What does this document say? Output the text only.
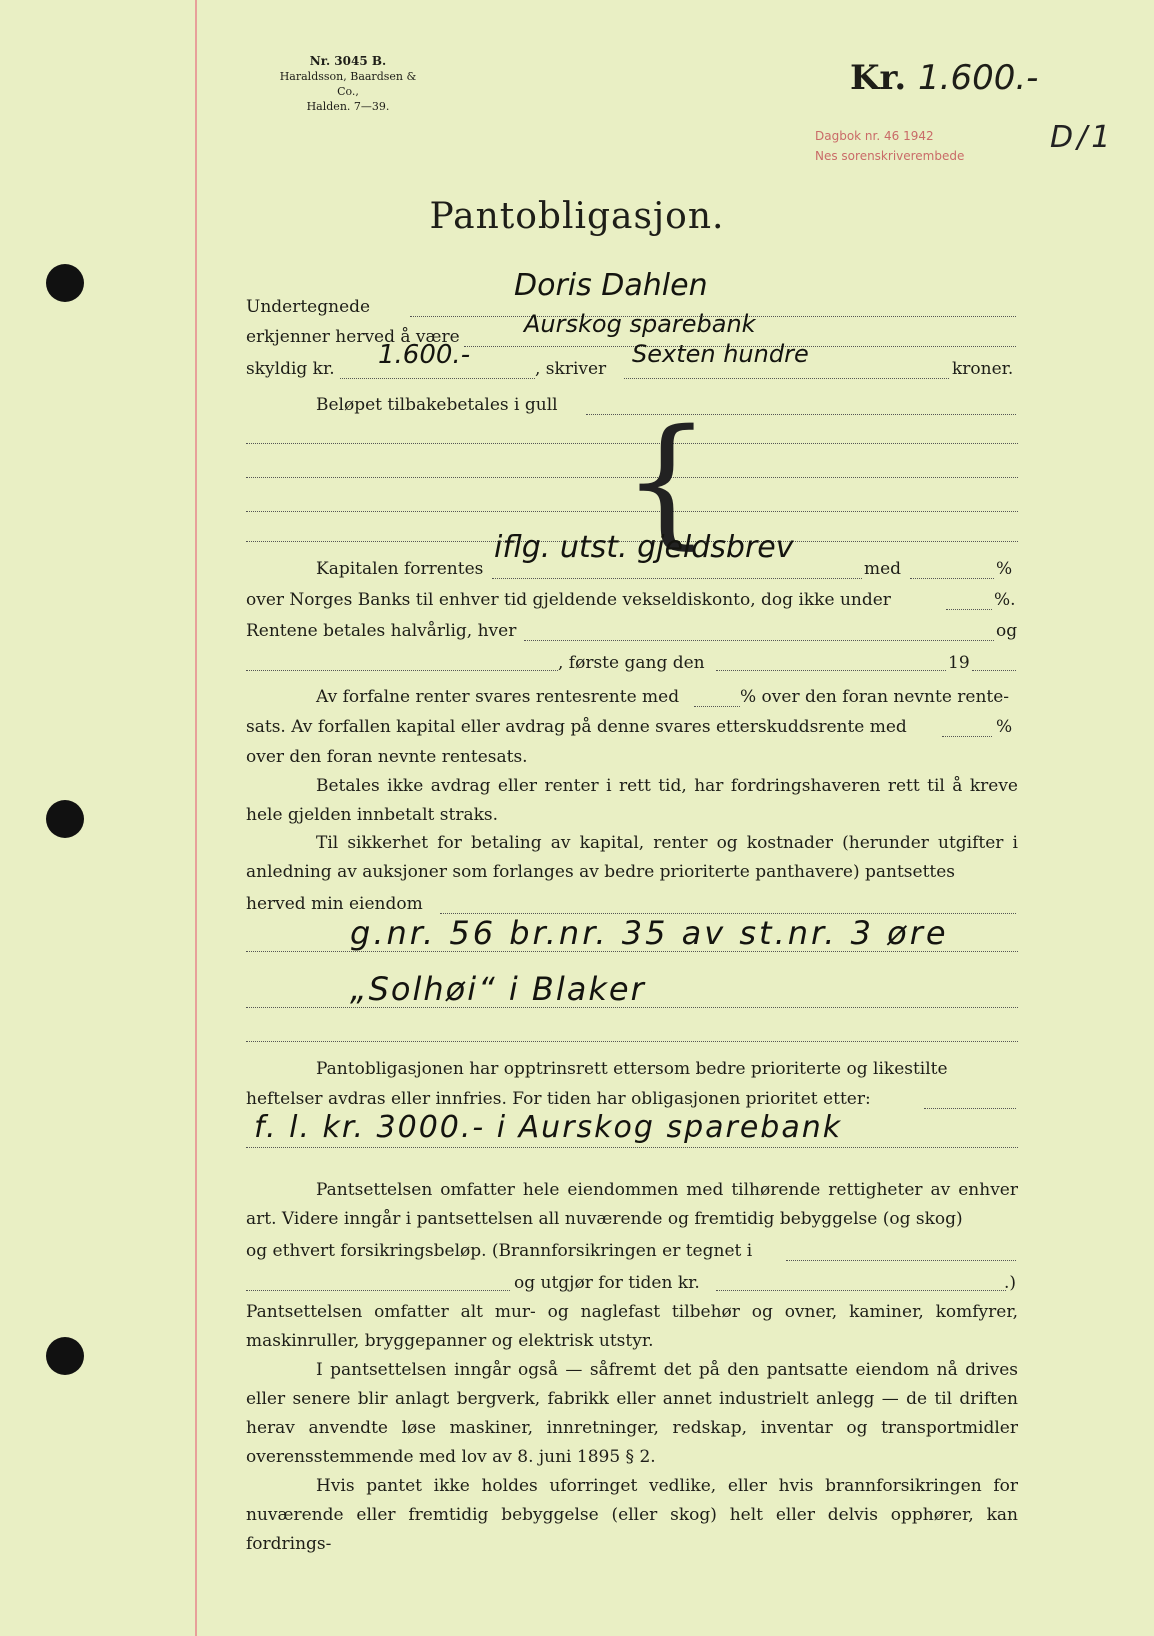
Nr. 3045 B.
Haraldsson, Baardsen & Co.,
Halden. 7—39.
Kr. 1.600.-
Dagbok nr. 46 1942
Nes sorenskriverembede
D/1
Pantobligasjon.
Undertegnede
Doris Dahlen
erkjenner herved å være	Aurskog sparebank
skyldig kr.	1.600.-	, skriver
Sexten hundre
kroner.
Beløpet tilbakebetales i gull {
Kapitalen forrentes
iflg. utst. gjeldsbrev
med	%
over Norges Banks til enhver tid gjeldende vekseldiskonto, dog ikke under	%.
Rentene betales halvårlig, hver	og
, første gang den	19
Av forfalne renter svares rentesrente med	% over den foran nevnte rente-
sats. Av forfallen kapital eller avdrag på denne svares etterskuddsrente med	%
over den foran nevnte rentesats.
Betales ikke avdrag eller renter i rett tid, har fordringshaveren rett til å kreve hele gjelden innbetalt straks.
Til sikkerhet for betaling av kapital, renter og kostnader (herunder utgifter i anledning av auksjoner som forlanges av bedre prioriterte panthavere) pantsettes
herved min eiendom
g.nr. 56 br.nr. 35 av st.nr. 3 øre
„Solhøi“ i Blaker
Pantobligasjonen har opptrinsrett ettersom bedre prioriterte og likestilte
heftelser avdras eller innfries. For tiden har obligasjonen prioritet etter:
f. l. kr. 3000.- i Aurskog sparebank
Pantsettelsen omfatter hele eiendommen med tilhørende rettigheter av enhver art. Videre inngår i pantsettelsen all nuværende og fremtidig bebyggelse (og skog)
og ethvert forsikringsbeløp. (Brannforsikringen er tegnet i
og utgjør for tiden kr.	.)
Pantsettelsen omfatter alt mur- og naglefast tilbehør og ovner, kaminer, komfyrer, maskinruller, bryggepanner og elektrisk utstyr.
I pantsettelsen inngår også — såfremt det på den pantsatte eiendom nå drives eller senere blir anlagt bergverk, fabrikk eller annet industrielt anlegg — de til driften herav anvendte løse maskiner, innretninger, redskap, inventar og transportmidler overensstemmende med lov av 8. juni 1895 § 2.
Hvis pantet ikke holdes uforringet vedlike, eller hvis brannforsikringen for nuværende eller fremtidig bebyggelse (eller skog) helt eller delvis opphører, kan fordrings-
